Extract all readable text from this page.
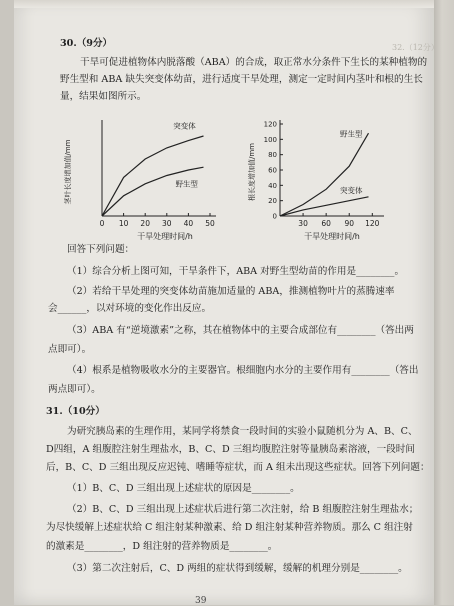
32.（12分）
30.（9分）
干旱可促进植物体内脱落酸（ABA）的合成，取正常水分条件下生长的某种植物的
野生型和 ABA 缺失突变体幼苗，进行适度干旱处理，测定一定时间内茎叶和根的生长
量，结果如图所示。
0 10 20 30 40 50
突变体
野生型
茎叶长度增加值/mm
干旱处理时间/h
0
20
40
60
80
100
120
30 60 90 120
野生型
突变体
根长度增加值/mm
干旱处理时间/h
回答下列问题：
（1）综合分析上图可知，干旱条件下，ABA 对野生型幼苗的作用是________。
（2）若给干旱处理的突变体幼苗施加适量的 ABA，推测植物叶片的蒸腾速率
会______，以对环境的变化作出反应。
（3）ABA 有“逆境激素”之称，其在植物体中的主要合成部位有________（答出两
点即可）。
（4）根系是植物吸收水分的主要器官。根细胞内水分的主要作用有________（答出
两点即可）。
31.（10分）
为研究胰岛素的生理作用，某同学将禁食一段时间的实验小鼠随机分为 A、B、C、
D四组，A 组腹腔注射生理盐水，B、C、D 三组均腹腔注射等量胰岛素溶液，一段时间
后，B、C、D 三组出现反应迟钝、嗜睡等症状，而 A 组未出现这些症状。回答下列问题：
（1）B、C、D 三组出现上述症状的原因是________。
（2）B、C、D 三组出现上述症状后进行第二次注射，给 B 组腹腔注射生理盐水；
为尽快缓解上述症状给 C 组注射某种激素、给 D 组注射某种营养物质。那么 C 组注射
的激素是________，D 组注射的营养物质是________。
（3）第二次注射后，C、D 两组的症状得到缓解，缓解的机理分别是________。
39
